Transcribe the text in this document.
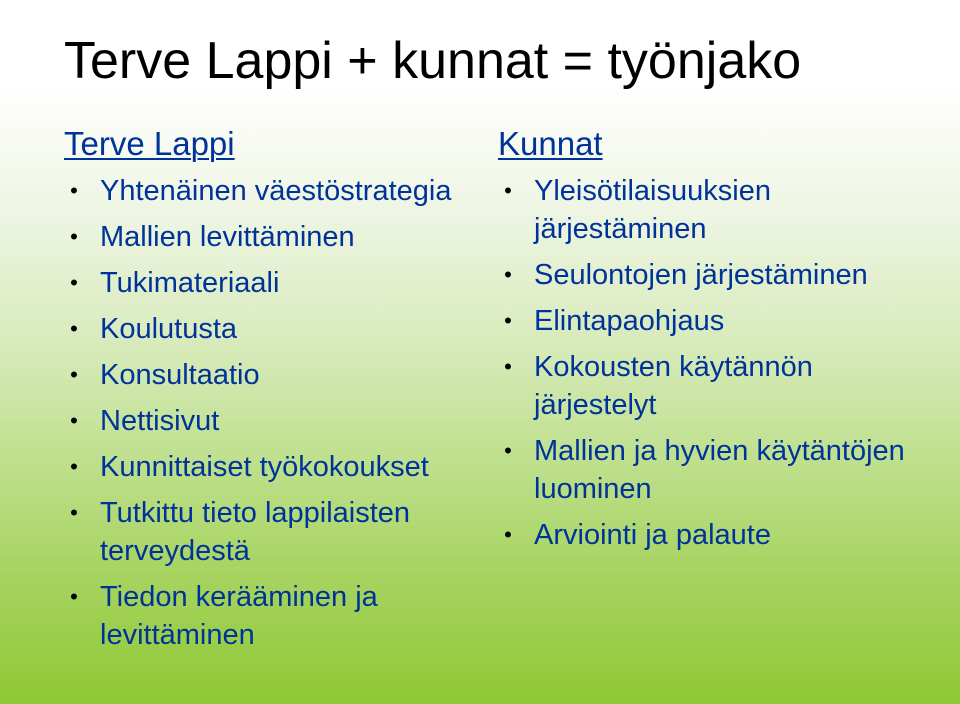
Terve Lappi + kunnat = työnjako
Terve Lappi
• Yhtenäinen väestöstrategia
• Mallien levittäminen
• Tukimateriaali
• Koulutusta
• Konsultaatio
• Nettisivut
• Kunnittaiset työkokoukset
• Tutkittu tieto lappilaisten terveydestä
• Tiedon kerääminen ja levittäminen
Kunnat
• Yleisötilaisuuksien järjestäminen
• Seulontojen järjestäminen
• Elintapaohjaus
• Kokousten käytännön järjestelyt
• Mallien ja hyvien käytäntöjen luominen
• Arviointi ja palaute
